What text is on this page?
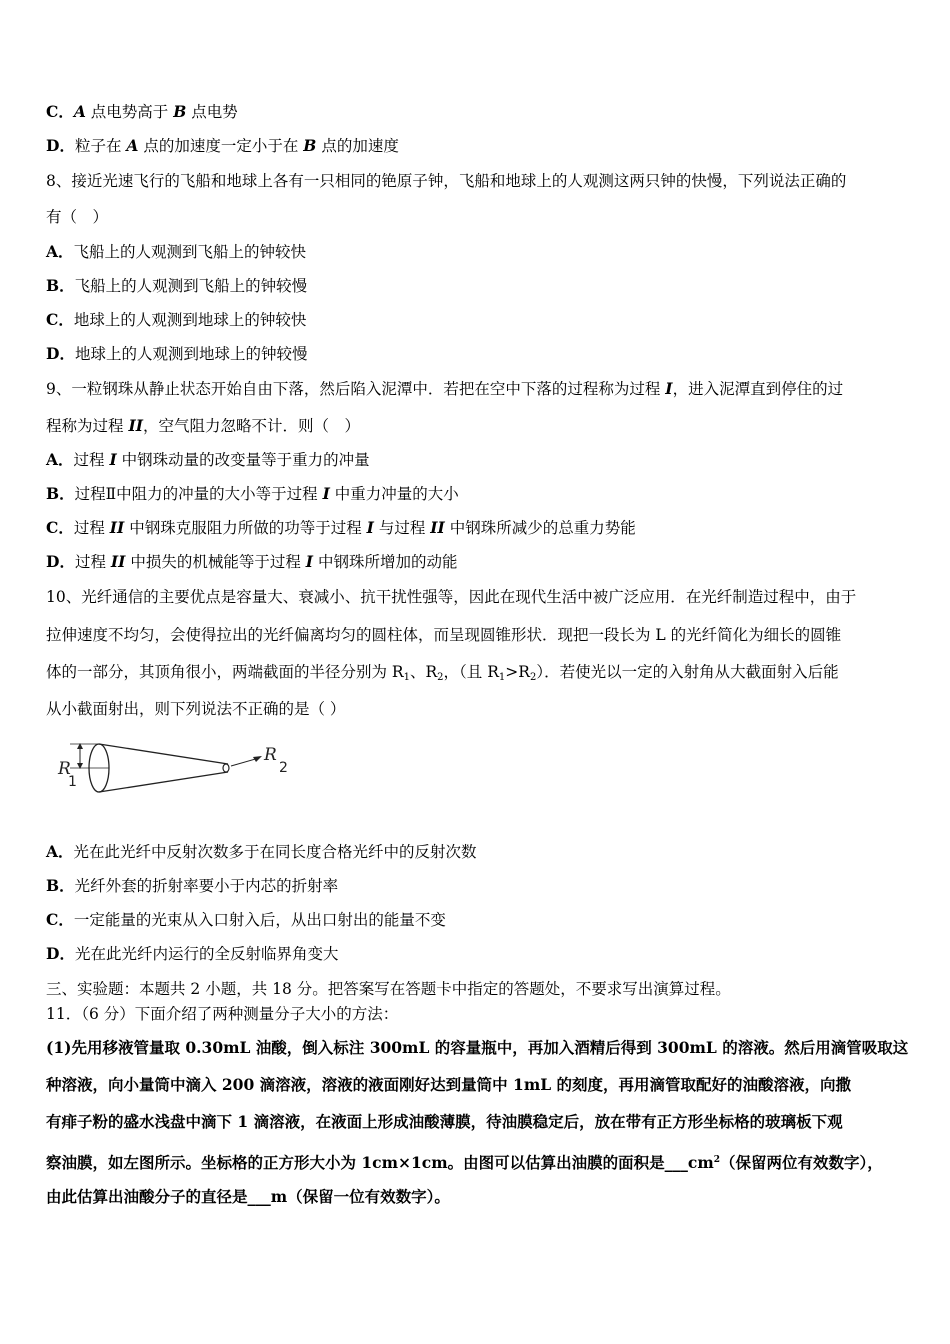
C．A 点电势高于 B 点电势
D．粒子在 A 点的加速度一定小于在 B 点的加速度
8、接近光速飞行的飞船和地球上各有一只相同的铯原子钟，飞船和地球上的人观测这两只钟的快慢，下列说法正确的
有（　）
A．飞船上的人观测到飞船上的钟较快
B．飞船上的人观测到飞船上的钟较慢
C．地球上的人观测到地球上的钟较快
D．地球上的人观测到地球上的钟较慢
9、一粒钢珠从静止状态开始自由下落，然后陷入泥潭中．若把在空中下落的过程称为过程 I，进入泥潭直到停住的过
程称为过程 II，空气阻力忽略不计．则（　）
A．过程 I 中钢珠动量的改变量等于重力的冲量
B．过程Ⅱ中阻力的冲量的大小等于过程 I 中重力冲量的大小
C．过程 II 中钢珠克服阻力所做的功等于过程 I 与过程 II 中钢珠所减少的总重力势能
D．过程 II 中损失的机械能等于过程 I 中钢珠所增加的动能
10、光纤通信的主要优点是容量大、衰减小、抗干扰性强等，因此在现代生活中被广泛应用．在光纤制造过程中，由于
拉伸速度不均匀，会使得拉出的光纤偏离均匀的圆柱体，而呈现圆锥形状．现把一段长为 L 的光纤简化为细长的圆锥
体的一部分，其顶角很小，两端截面的半径分别为 $R_1$、$R_2$，（且 $R_1>R_2$）．若使光以一定的入射角从大截面射入后能
从小截面射出，则下列说法不正确的是（ ）
R
1
R
2
A．光在此光纤中反射次数多于在同长度合格光纤中的反射次数
B．光纤外套的折射率要小于内芯的折射率
C．一定能量的光束从入口射入后，从出口射出的能量不变
D．光在此光纤内运行的全反射临界角变大
三、实验题：本题共 2 小题，共 18 分。把答案写在答题卡中指定的答题处，不要求写出演算过程。
11．（6 分）下面介绍了两种测量分子大小的方法：
(1)先用移液管量取 0.30mL 油酸，倒入标注 300mL 的容量瓶中，再加入酒精后得到 300mL 的溶液。然后用滴管吸取这
种溶液，向小量筒中滴入 200 滴溶液，溶液的液面刚好达到量筒中 1mL 的刻度，再用滴管取配好的油酸溶液，向撒
有痱子粉的盛水浅盘中滴下 1 滴溶液，在液面上形成油酸薄膜，待油膜稳定后，放在带有正方形坐标格的玻璃板下观
察油膜，如左图所示。坐标格的正方形大小为 1cm×1cm。由图可以估算出油膜的面积是$\_\_\_cm^2$（保留两位有效数字），
由此估算出油酸分子的直径是___m（保留一位有效数字）。
